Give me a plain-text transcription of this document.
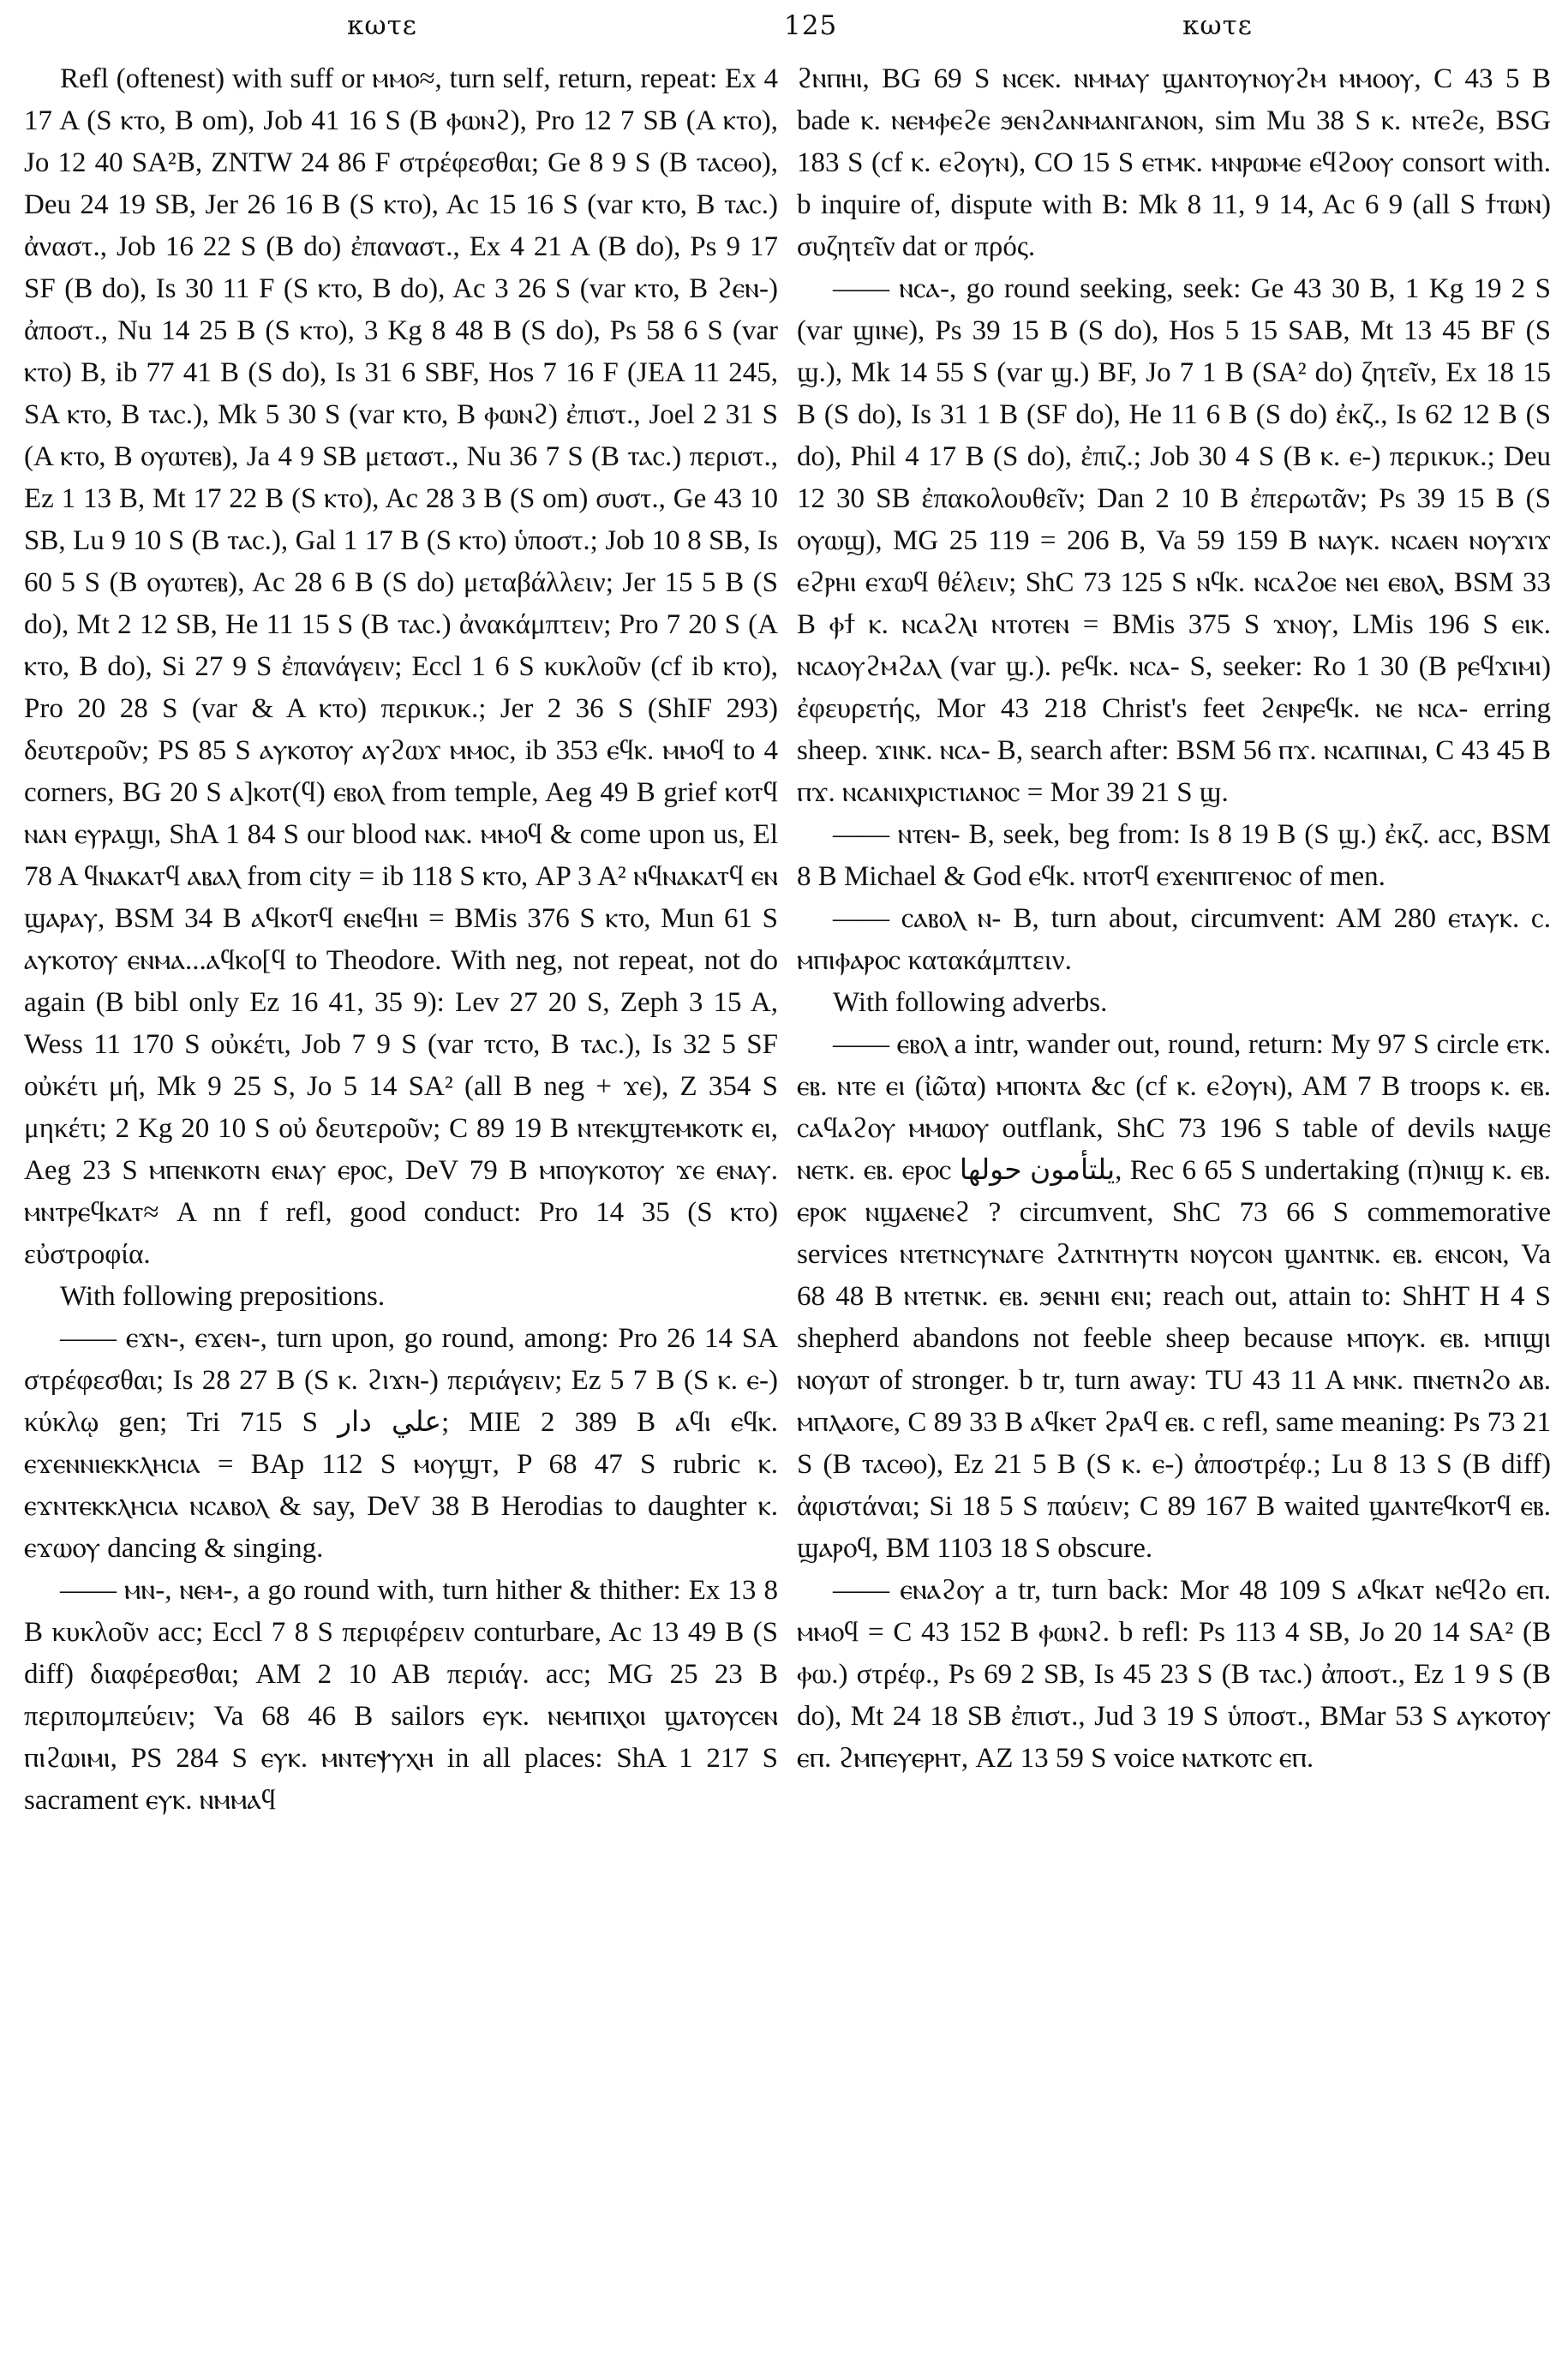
κωτε	125	κωτε

Refl (oftenest) with suff or ⲙⲙⲟ≈, turn self, return, repeat: Ex 4 17 A (S ⲕⲧⲟ, B om), Job 41 16 S (B ⲫⲱⲛϩ), Pro 12 7 SB (A ⲕⲧⲟ), Jo 12 40 SA²B, ZNTW 24 86 F στρέφεσθαι; Ge 8 9 S (B ⲧⲁⲥⲑⲟ), Deu 24 19 SB, Jer 26 16 B (S ⲕⲧⲟ), Ac 15 16 S (var ⲕⲧⲟ, B ⲧⲁⲥ.) ἀναστ., Job 16 22 S (B do) ἐπαναστ., Ex 4 21 A (B do), Ps 9 17 SF (B do), Is 30 11 F (S ⲕⲧⲟ, B do), Ac 3 26 S (var ⲕⲧⲟ, B ϩⲉⲛ-) ἀποστ., Nu 14 25 B (S ⲕⲧⲟ), 3 Kg 8 48 B (S do), Ps 58 6 S (var ⲕⲧⲟ) B, ib 77 41 B (S do), Is 31 6 SBF, Hos 7 16 F (JEA 11 245, SA ⲕⲧⲟ, B ⲧⲁⲥ.), Mk 5 30 S (var ⲕⲧⲟ, B ⲫⲱⲛϩ) ἐπιστ., Joel 2 31 S (A ⲕⲧⲟ, B ⲟⲩⲱⲧⲉⲃ), Ja 4 9 SB μεταστ., Nu 36 7 S (B ⲧⲁⲥ.) περιστ., Ez 1 13 B, Mt 17 22 B (S ⲕⲧⲟ), Ac 28 3 B (S om) συστ., Ge 43 10 SB, Lu 9 10 S (B ⲧⲁⲥ.), Gal 1 17 B (S ⲕⲧⲟ) ὑποστ.; Job 10 8 SB, Is 60 5 S (B ⲟⲩⲱⲧⲉⲃ), Ac 28 6 B (S do) μεταβάλλειν; Jer 15 5 B (S do), Mt 2 12 SB, He 11 15 S (B ⲧⲁⲥ.) ἀνακάμπτειν; Pro 7 20 S (A ⲕⲧⲟ, B do), Si 27 9 S ἐπανάγειν; Eccl 1 6 S κυκλοῦν (cf ib ⲕⲧⲟ), Pro 20 28 S (var & A ⲕⲧⲟ) περικυκ.; Jer 2 36 S (ShIF 293) δευτεροῦν; PS 85 S ⲁⲩⲕⲟⲧⲟⲩ ⲁⲩϩⲱϫ ⲙⲙⲟⲥ, ib 353 ⲉϥⲕ. ⲙⲙⲟϥ to 4 corners, BG 20 S ⲁ]ⲕⲟⲧ(ϥ) ⲉⲃⲟⲗ from temple, Aeg 49 B grief ⲕⲟⲧϥ ⲛⲁⲛ ⲉⲩⲣⲁϣⲓ, ShA 1 84 S our blood ⲛⲁⲕ. ⲙⲙⲟϥ & come upon us, El 78 A ϥⲛⲁⲕⲁⲧϥ ⲁⲃⲁⲗ from city = ib 118 S ⲕⲧⲟ, AP 3 A² ⲛϥⲛⲁⲕⲁⲧϥ ⲉⲛ ϣⲁⲣⲁⲩ, BSM 34 B ⲁϥⲕⲟⲧϥ ⲉⲛⲉϥⲏⲓ = BMis 376 S ⲕⲧⲟ, Mun 61 S ⲁⲩⲕⲟⲧⲟⲩ ⲉⲛⲙⲁ...ⲁϥⲕⲟ[ϥ to Theodore. With neg, not repeat, not do again (B bibl only Ez 16 41, 35 9): Lev 27 20 S, Zeph 3 15 A, Wess 11 170 S οὐκέτι, Job 7 9 S (var ⲧⲥⲧⲟ, B ⲧⲁⲥ.), Is 32 5 SF οὐκέτι μή, Mk 9 25 S, Jo 5 14 SA² (all B neg + ϫⲉ), Z 354 S μηκέτι; 2 Kg 20 10 S οὐ δευτεροῦν; C 89 19 B ⲛⲧⲉⲕϣⲧⲉⲙⲕⲟⲧⲕ ⲉⲓ, Aeg 23 S ⲙⲡⲉⲛⲕⲟⲧⲛ ⲉⲛⲁⲩ ⲉⲣⲟⲥ, DeV 79 B ⲙⲡⲟⲩⲕⲟⲧⲟⲩ ϫⲉ ⲉⲛⲁⲩ. ⲙⲛⲧⲣⲉϥⲕⲁⲧ≈ A nn f refl, good conduct: Pro 14 35 (S ⲕⲧⲟ) εὐστροφία.

With following prepositions.

—— ⲉϫⲛ-, ⲉϫⲉⲛ-, turn upon, go round, among: Pro 26 14 SA στρέφεσθαι; Is 28 27 B (S ⲕ. ϩⲓϫⲛ-) περιάγειν; Ez 5 7 B (S ⲕ. ⲉ-) κύκλῳ gen; Tri 715 S علي دار; MIE 2 389 B ⲁϥⲓ ⲉϥⲕ. ⲉϫⲉⲛⲛⲓⲉⲕⲕⲗⲏⲥⲓⲁ = BAp 112 S ⲙⲟⲩϣⲧ, P 68 47 S rubric ⲕ. ⲉϫⲛⲧⲉⲕⲕⲗⲏⲥⲓⲁ ⲛⲥⲁⲃⲟⲗ & say, DeV 38 B Herodias to daughter ⲕ. ⲉϫⲱⲟⲩ dancing & singing.

—— ⲙⲛ-, ⲛⲉⲙ-, a go round with, turn hither & thither: Ex 13 8 B κυκλοῦν acc; Eccl 7 8 S περιφέρειν conturbare, Ac 13 49 B (S diff) διαφέρεσθαι; AM 2 10 AB περιάγ. acc; MG 25 23 B περιπομπεύειν; Va 68 46 B sailors ⲉⲩⲕ. ⲛⲉⲙⲡⲓⲭⲟⲓ ϣⲁⲧⲟⲩⲥⲉⲛ ⲡⲓϩⲱⲓⲙⲓ, PS 284 S ⲉⲩⲕ. ⲙⲛⲧⲉⲯⲩⲭⲏ in all places: ShA 1 217 S sacrament ⲉⲩⲕ. ⲛⲙⲙⲁϥ

ϩⲛⲡⲏⲓ, BG 69 S ⲛⲥⲉⲕ. ⲛⲙⲙⲁⲩ ϣⲁⲛⲧⲟⲩⲛⲟⲩϩⲙ ⲙⲙⲟⲟⲩ, C 43 5 B bade ⲕ. ⲛⲉⲙⲫⲉϩⲉ ϧⲉⲛϩⲁⲛⲙⲁⲛⲅⲁⲛⲟⲛ, sim Mu 38 S ⲕ. ⲛⲧⲉϩⲉ, BSG 183 S (cf ⲕ. ⲉϩⲟⲩⲛ), CO 15 S ⲉⲧⲙⲕ. ⲙⲛⲣⲱⲙⲉ ⲉϥϩⲟⲟⲩ consort with. b inquire of, dispute with B: Mk 8 11, 9 14, Ac 6 9 (all S ϯⲧⲱⲛ) συζητεῖν dat or πρός.

—— ⲛⲥⲁ-, go round seeking, seek: Ge 43 30 B, 1 Kg 19 2 S (var ϣⲓⲛⲉ), Ps 39 15 B (S do), Hos 5 15 SAB, Mt 13 45 BF (S ϣ.), Mk 14 55 S (var ϣ.) BF, Jo 7 1 B (SA² do) ζητεῖν, Ex 18 15 B (S do), Is 31 1 B (SF do), He 11 6 B (S do) ἐκζ., Is 62 12 B (S do), Phil 4 17 B (S do), ἐπιζ.; Job 30 4 S (B ⲕ. ⲉ-) περικυκ.; Deu 12 30 SB ἐπακολουθεῖν; Dan 2 10 B ἐπερωτᾶν; Ps 39 15 B (S ⲟⲩⲱϣ), MG 25 119 = 206 B, Va 59 159 B ⲛⲁⲩⲕ. ⲛⲥⲁⲉⲛ ⲛⲟⲩϫⲓϫ ⲉϩⲣⲏⲓ ⲉϫⲱϥ θέλειν; ShC 73 125 S ⲛϥⲕ. ⲛⲥⲁϩⲟⲉ ⲛⲉⲓ ⲉⲃⲟⲗ, BSM 33 B ⲫϯ ⲕ. ⲛⲥⲁϩⲗⲓ ⲛⲧⲟⲧⲉⲛ = BMis 375 S ϫⲛⲟⲩ, LMis 196 S ⲉⲓⲕ. ⲛⲥⲁⲟⲩϩⲙϩⲁⲗ (var ϣ.). ⲣⲉϥⲕ. ⲛⲥⲁ- S, seeker: Ro 1 30 (B ⲣⲉϥϫⲓⲙⲓ) ἐφευρετής, Mor 43 218 Christ's feet ϩⲉⲛⲣⲉϥⲕ. ⲛⲉ ⲛⲥⲁ- erring sheep. ϫⲓⲛⲕ. ⲛⲥⲁ- B, search after: BSM 56 ⲡϫ. ⲛⲥⲁⲡⲓⲛⲁⲓ, C 43 45 B ⲡϫ. ⲛⲥⲁⲛⲓⲭⲣⲓⲥⲧⲓⲁⲛⲟⲥ = Mor 39 21 S ϣ.

—— ⲛⲧⲉⲛ- B, seek, beg from: Is 8 19 B (S ϣ.) ἐκζ. acc, BSM 8 B Michael & God ⲉϥⲕ. ⲛⲧⲟⲧϥ ⲉϫⲉⲛⲡⲅⲉⲛⲟⲥ of men.

—— ⲥⲁⲃⲟⲗ ⲛ- B, turn about, circumvent: AM 280 ⲉⲧⲁⲩⲕ. ⲥ. ⲙⲡⲓⲫⲁⲣⲟⲥ κατακάμπτειν.

With following adverbs.

—— ⲉⲃⲟⲗ a intr, wander out, round, return: My 97 S circle ⲉⲧⲕ. ⲉⲃ. ⲛⲧⲉ ⲉⲓ (ἰῶτα) ⲙⲡⲟⲛⲧⲁ &c (cf ⲕ. ⲉϩⲟⲩⲛ), AM 7 B troops ⲕ. ⲉⲃ. ⲥⲁϥⲁϩⲟⲩ ⲙⲙⲱⲟⲩ outflank, ShC 73 196 S table of devils ⲛⲁϣⲉ ⲛⲉⲧⲕ. ⲉⲃ. ⲉⲣⲟⲥ يلتأمون حولها, Rec 6 65 S undertaking (ⲡ)ⲛⲓϣ ⲕ. ⲉⲃ. ⲉⲣⲟⲕ ⲛϣⲁⲉⲛⲉϩ ? circumvent, ShC 73 66 S commemorative services ⲛⲧⲉⲧⲛⲥⲩⲛⲁⲅⲉ ϩⲁⲧⲛⲧⲏⲩⲧⲛ ⲛⲟⲩⲥⲟⲛ ϣⲁⲛⲧⲛⲕ. ⲉⲃ. ⲉⲛⲥⲟⲛ, Va 68 48 B ⲛⲧⲉⲧⲛⲕ. ⲉⲃ. ϧⲉⲛⲏⲓ ⲉⲛⲓ; reach out, attain to: ShHT H 4 S shepherd abandons not feeble sheep because ⲙⲡⲟⲩⲕ. ⲉⲃ. ⲙⲡⲓϣⲓ ⲛⲟⲩⲱⲧ of stronger. b tr, turn away: TU 43 11 A ⲙⲛⲕ. ⲡⲛⲉⲧⲛϩⲟ ⲁⲃ. ⲙⲡⲗⲁⲟⲅⲉ, C 89 33 B ⲁϥⲕⲉⲧ ϩⲣⲁϥ ⲉⲃ. c refl, same meaning: Ps 73 21 S (B ⲧⲁⲥⲑⲟ), Ez 21 5 B (S ⲕ. ⲉ-) ἀποστρέφ.; Lu 8 13 S (B diff) ἀφιστάναι; Si 18 5 S παύειν; C 89 167 B waited ϣⲁⲛⲧⲉϥⲕⲟⲧϥ ⲉⲃ. ϣⲁⲣⲟϥ, BM 1103 18 S obscure.

—— ⲉⲛⲁϩⲟⲩ a tr, turn back: Mor 48 109 S ⲁϥⲕⲁⲧ ⲛⲉϥϩⲟ ⲉⲡ. ⲙⲙⲟϥ = C 43 152 B ⲫⲱⲛϩ. b refl: Ps 113 4 SB, Jo 20 14 SA² (B ⲫⲱ.) στρέφ., Ps 69 2 SB, Is 45 23 S (B ⲧⲁⲥ.) ἀποστ., Ez 1 9 S (B do), Mt 24 18 SB ἐπιστ., Jud 3 19 S ὑποστ., BMar 53 S ⲁⲩⲕⲟⲧⲟⲩ ⲉⲡ. ϩⲙⲡⲉⲩⲉⲣⲏⲧ, AZ 13 59 S voice ⲛⲁⲧⲕⲟⲧⲥ ⲉⲡ.
